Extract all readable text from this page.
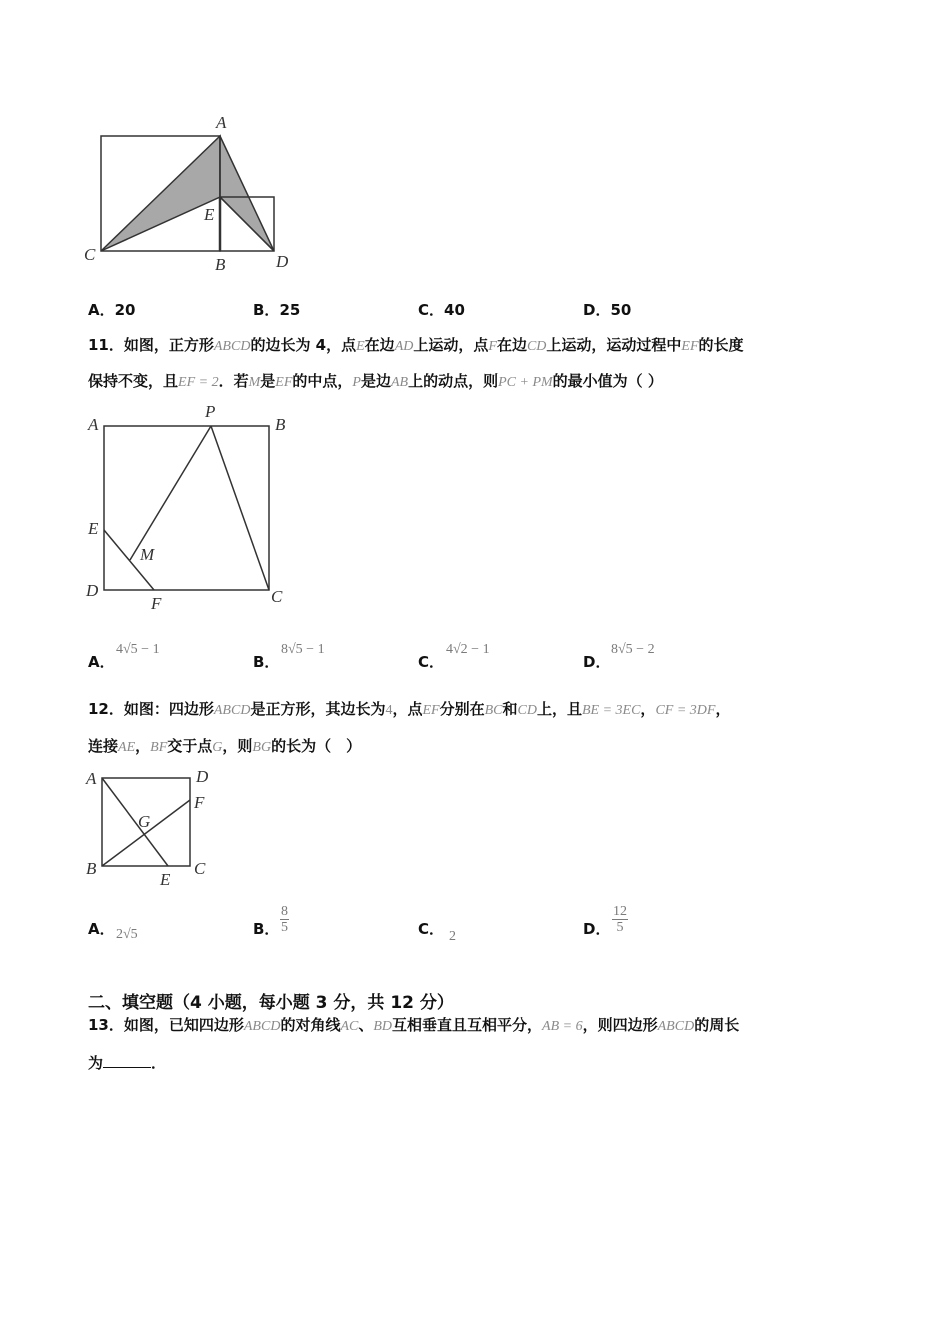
A
E
C
B	D
A．20	B．25	C．40	D．50
11．如图，正方形ABCD的边长为 4，点E在边AD上运动，点F在边CD上运动，运动过程中EF的长度
保持不变，且EF = 2．若M是EF的中点，P是边AB上的动点，则PC + PM的最小值为（ ）
A
P
B
E
M
D
F	C
A．
4√5 − 1
B．
8√5 − 1
C．
4√2 − 1
D．
8√5 − 2
12．如图：四边形ABCD是正方形，其边长为4，点EF分别在BC和CD上，且BE = 3EC，CF = 3DF，
连接AE，BF交于点G，则BG的长为（　）
A	D
F
G
B
E
C
A． 2√5	B． $\frac{8}{5}$	C． 2	D． $\frac{12}{5}$
二、填空题（4 小题，每小题 3 分，共 12 分）
13．如图，已知四边形ABCD的对角线AC、BD互相垂直且互相平分，AB = 6，则四边形ABCD的周长
为	．
